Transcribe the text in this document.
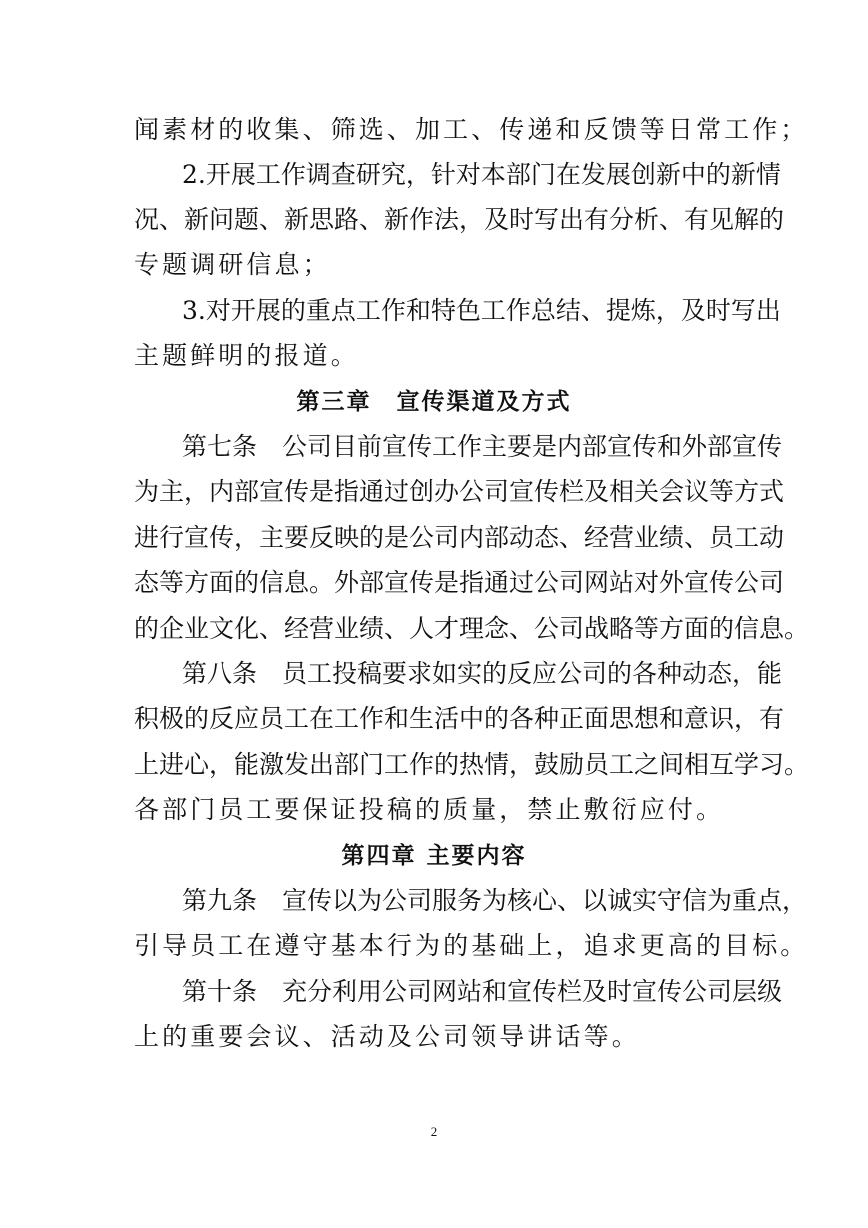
闻素材的收集、筛选、加工、传递和反馈等日常工作；
2.开展工作调查研究，针对本部门在发展创新中的新情
况、新问题、新思路、新作法，及时写出有分析、有见解的
专题调研信息；
3.对开展的重点工作和特色工作总结、提炼，及时写出
主题鲜明的报道。
第三章　宣传渠道及方式
第七条　公司目前宣传工作主要是内部宣传和外部宣传
为主，内部宣传是指通过创办公司宣传栏及相关会议等方式
进行宣传，主要反映的是公司内部动态、经营业绩、员工动
态等方面的信息。外部宣传是指通过公司网站对外宣传公司
的企业文化、经营业绩、人才理念、公司战略等方面的信息。
第八条　员工投稿要求如实的反应公司的各种动态，能
积极的反应员工在工作和生活中的各种正面思想和意识，有
上进心，能激发出部门工作的热情，鼓励员工之间相互学习。
各部门员工要保证投稿的质量，禁止敷衍应付。
第四章 主要内容
第九条　宣传以为公司服务为核心、以诚实守信为重点，
引导员工在遵守基本行为的基础上，追求更高的目标。
第十条　充分利用公司网站和宣传栏及时宣传公司层级
上的重要会议、活动及公司领导讲话等。
2
